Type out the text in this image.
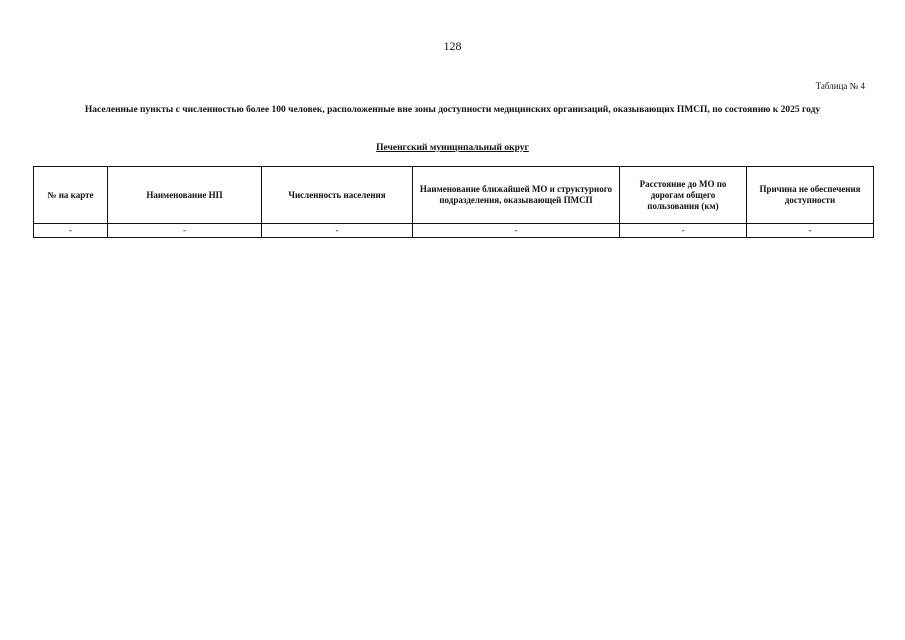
128
Таблица № 4
Населенные пункты с численностью более 100 человек, расположенные вне зоны доступности медицинских организаций, оказывающих ПМСП, по состоянию к 2025 году
Печенгский муниципальный округ
№ на карте	Наименование НП	Численность населения	Наименование ближайшей МО и структурного подразделения, оказывающей ПМСП	Расстояние до МО по дорогам общего пользования (км)	Причина не обеспечения доступности
-	-	-	-	-	-
